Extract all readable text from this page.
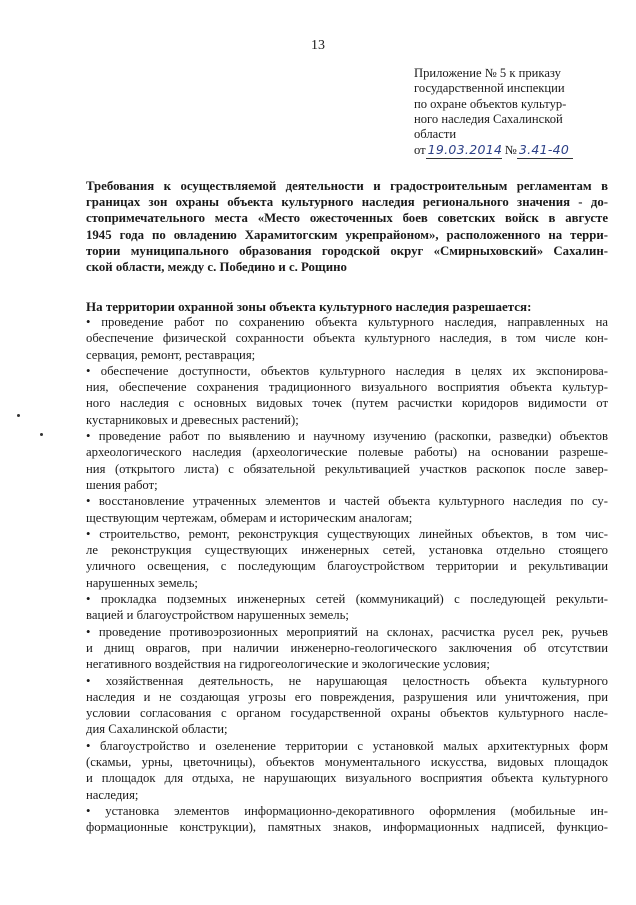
13
Приложение № 5 к приказу
государственной инспекции
по охране объектов культур-
ного наследия Сахалинской
области
от 19.03.2014 № 3.41-40
Требования к осуществляемой деятельности и градостроительным регламентам в
границах зон охраны объекта культурного наследия регионального значения - до-
стопримечательного места «Место ожесточенных боев советских войск в августе
1945 года по овладению Харамитогским укрепрайоном», расположенного на терри-
тории муниципального образования городской округ «Смирныховский» Сахалин-
ской области, между с. Победино и с. Рощино
На территории охранной зоны объекта культурного наследия разрешается:
• проведение работ по сохранению объекта культурного наследия, направленных на
обеспечение физической сохранности объекта культурного наследия, в том числе кон-
сервация, ремонт, реставрация;
• обеспечение доступности, объектов культурного наследия в целях их экспонирова-
ния, обеспечение сохранения традиционного визуального восприятия объекта культур-
ного наследия с основных видовых точек (путем расчистки коридоров видимости от
кустарниковых и древесных растений);
• проведение работ по выявлению и научному изучению (раскопки, разведки) объектов
археологического наследия (археологические полевые работы) на основании разреше-
ния (открытого листа) с обязательной рекультивацией участков раскопок после завер-
шения работ;
• восстановление утраченных элементов и частей объекта культурного наследия по су-
ществующим чертежам, обмерам и историческим аналогам;
• строительство, ремонт, реконструкция существующих линейных объектов, в том чис-
ле реконструкция существующих инженерных сетей, установка отдельно стоящего
уличного освещения, с последующим благоустройством территории и рекультивации
нарушенных земель;
• прокладка подземных инженерных сетей (коммуникаций) с последующей рекульти-
вацией и благоустройством нарушенных земель;
• проведение противоэрозионных мероприятий на склонах, расчистка русел рек, ручьев
и днищ оврагов, при наличии инженерно-геологического заключения об отсутствии
негативного воздействия на гидрогеологические и экологические условия;
• хозяйственная деятельность, не нарушающая целостность объекта культурного
наследия и не создающая угрозы его повреждения, разрушения или уничтожения, при
условии согласования с органом государственной охраны объектов культурного насле-
дия Сахалинской области;
• благоустройство и озеленение территории с установкой малых архитектурных форм
(скамьи, урны, цветочницы), объектов монументального искусства, видовых площадок
и площадок для отдыха, не нарушающих визуального восприятия объекта культурного
наследия;
• установка элементов информационно-декоративного оформления (мобильные ин-
формационные конструкции), памятных знаков, информационных надписей, функцио-
